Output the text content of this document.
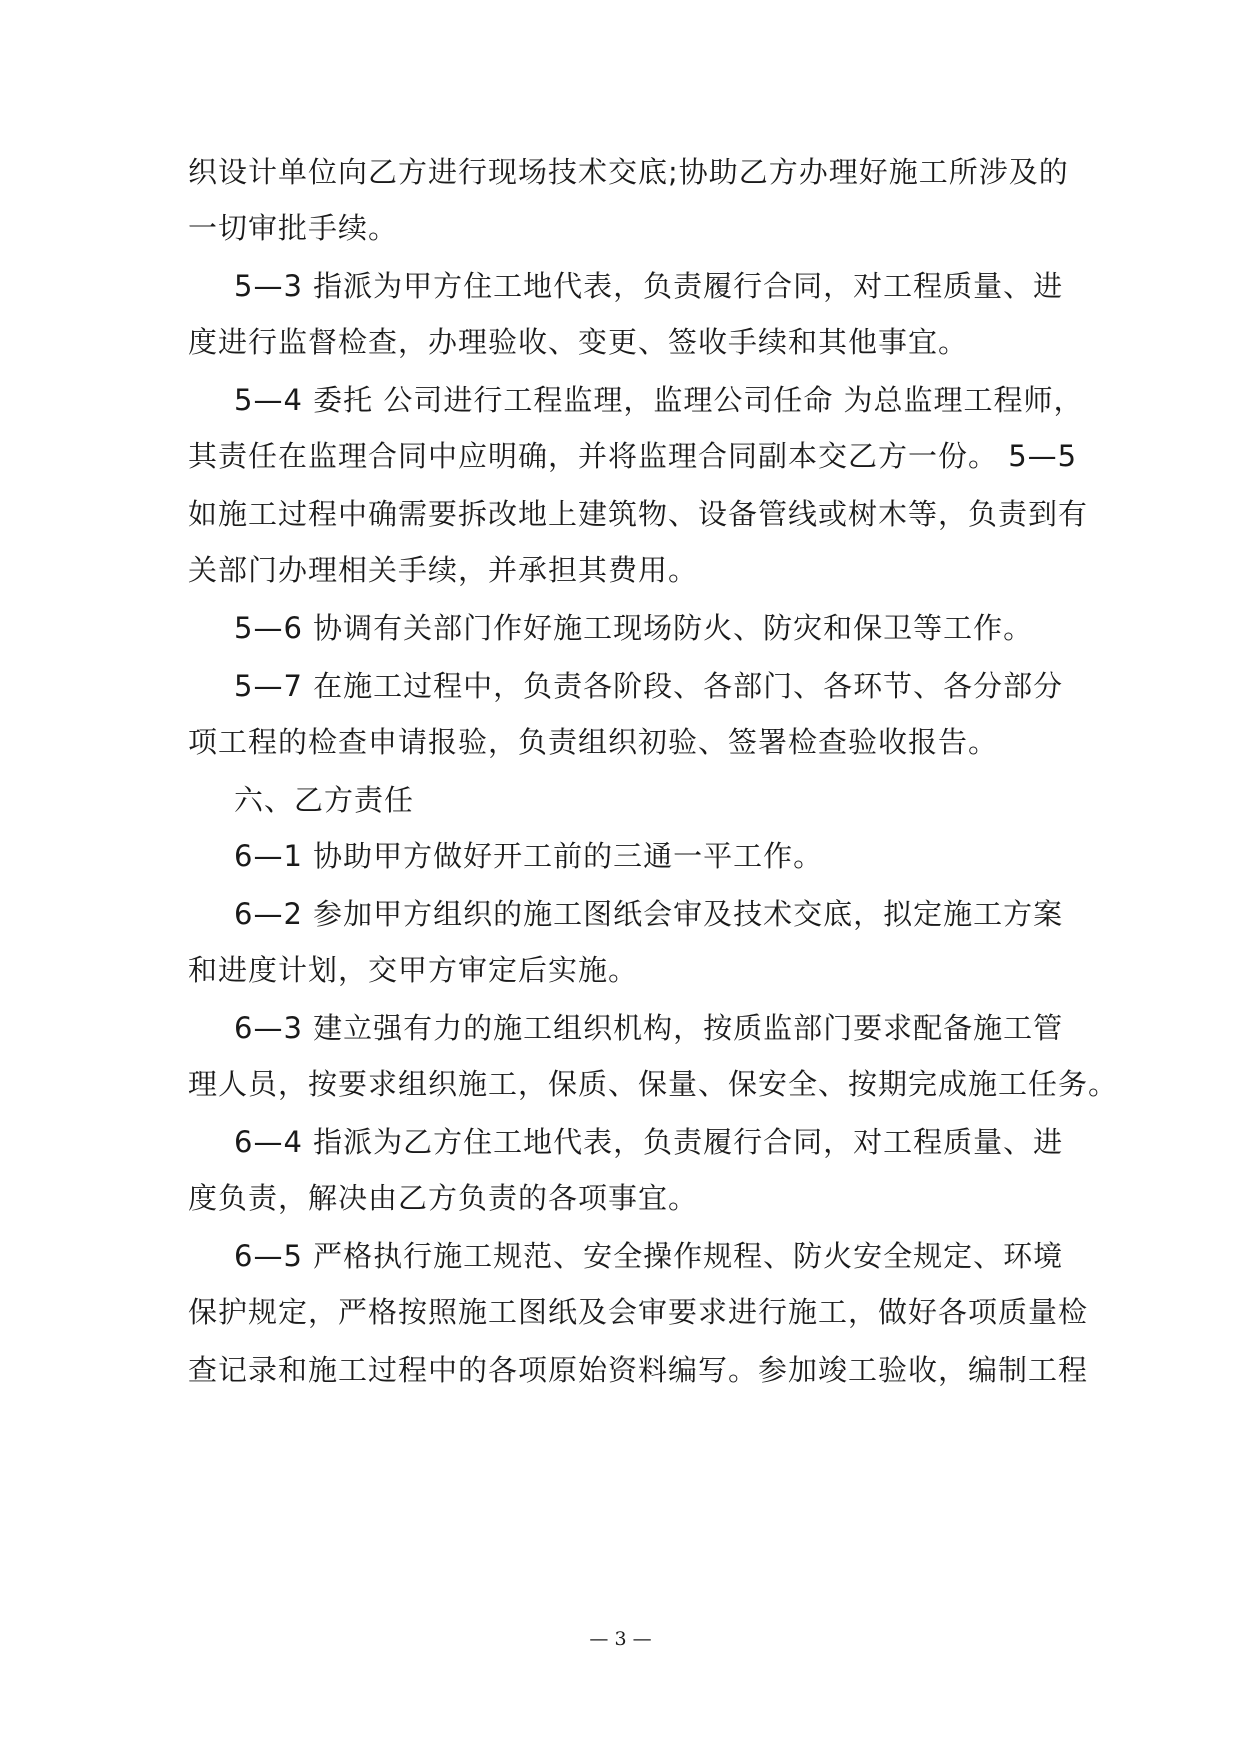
织设计单位向乙方进行现场技术交底;协助乙方办理好施工所涉及的
一切审批手续。
5—3 指派为甲方住工地代表，负责履行合同，对工程质量、进
度进行监督检查，办理验收、变更、签收手续和其他事宜。
5—4 委托 公司进行工程监理，监理公司任命 为总监理工程师，
其责任在监理合同中应明确，并将监理合同副本交乙方一份。 5—5
如施工过程中确需要拆改地上建筑物、设备管线或树木等，负责到有
关部门办理相关手续，并承担其费用。
5—6 协调有关部门作好施工现场防火、防灾和保卫等工作。
5—7 在施工过程中，负责各阶段、各部门、各环节、各分部分
项工程的检查申请报验，负责组织初验、签署检查验收报告。
六、乙方责任
6—1 协助甲方做好开工前的三通一平工作。
6—2 参加甲方组织的施工图纸会审及技术交底，拟定施工方案
和进度计划，交甲方审定后实施。
6—3 建立强有力的施工组织机构，按质监部门要求配备施工管
理人员，按要求组织施工，保质、保量、保安全、按期完成施工任务。
6—4 指派为乙方住工地代表，负责履行合同，对工程质量、进
度负责，解决由乙方负责的各项事宜。
6—5 严格执行施工规范、安全操作规程、防火安全规定、环境
保护规定，严格按照施工图纸及会审要求进行施工，做好各项质量检
查记录和施工过程中的各项原始资料编写。参加竣工验收，编制工程
— 3 —
